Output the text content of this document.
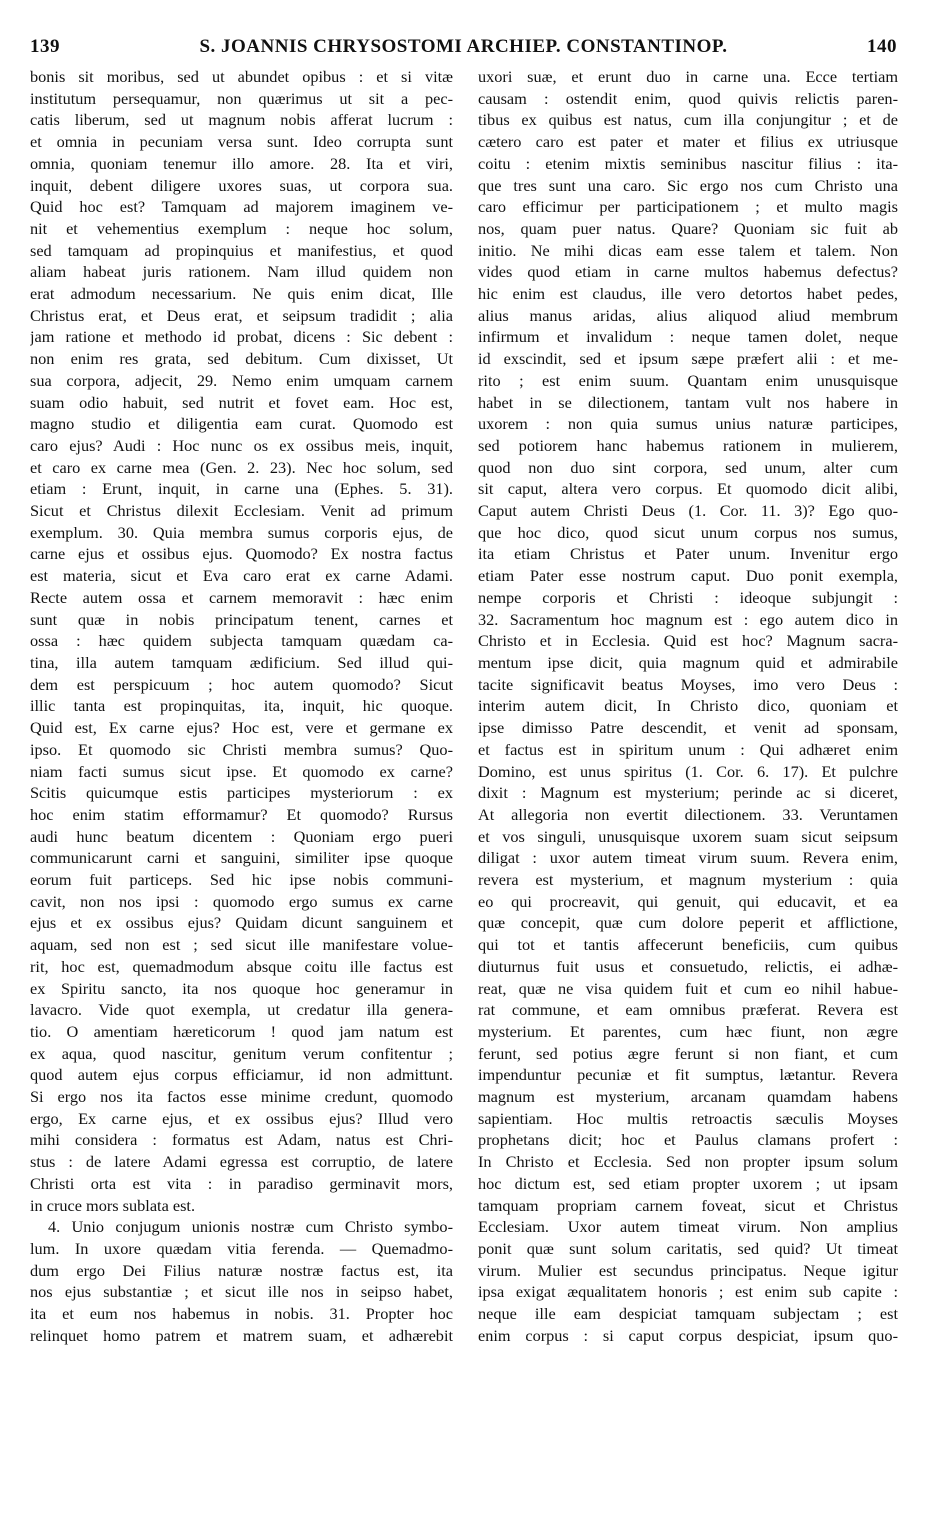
139	S. JOANNIS CHRYSOSTOMI ARCHIEP. CONSTANTINOP.	140
bonis sit moribus, sed ut abundet opibus : et si vitæ
institutum persequamur, non quærimus ut sit a pec-
catis liberum, sed ut magnum nobis afferat lucrum :
et omnia in pecuniam versa sunt. Ideo corrupta sunt
omnia, quoniam tenemur illo amore. 28. Ita et viri,
inquit, debent diligere uxores suas, ut corpora sua.
Quid hoc est? Tamquam ad majorem imaginem ve-
nit et vehementius exemplum : neque hoc solum,
sed tamquam ad propinquius et manifestius, et quod
aliam habeat juris rationem. Nam illud quidem non
erat admodum necessarium. Ne quis enim dicat, Ille
Christus erat, et Deus erat, et seipsum tradidit ; alia
jam ratione et methodo id probat, dicens : Sic debent :
non enim res grata, sed debitum. Cum dixisset, Ut
sua corpora, adjecit, 29. Nemo enim umquam carnem
suam odio habuit, sed nutrit et fovet eam. Hoc est,
magno studio et diligentia eam curat. Quomodo est
caro ejus? Audi : Hoc nunc os ex ossibus meis, inquit,
et caro ex carne mea (Gen. 2. 23). Nec hoc solum, sed
etiam : Erunt, inquit, in carne una (Ephes. 5. 31).
Sicut et Christus dilexit Ecclesiam. Venit ad primum
exemplum. 30. Quia membra sumus corporis ejus, de
carne ejus et ossibus ejus. Quomodo? Ex nostra factus
est materia, sicut et Eva caro erat ex carne Adami.
Recte autem ossa et carnem memoravit : hæc enim
sunt quæ in nobis principatum tenent, carnes et
ossa : hæc quidem subjecta tamquam quædam ca-
tina, illa autem tamquam ædificium. Sed illud qui-
dem est perspicuum ; hoc autem quomodo? Sicut
illic tanta est propinquitas, ita, inquit, hic quoque.
Quid est, Ex carne ejus? Hoc est, vere et germane ex
ipso. Et quomodo sic Christi membra sumus? Quo-
niam facti sumus sicut ipse. Et quomodo ex carne?
Scitis quicumque estis participes mysteriorum : ex
hoc enim statim efformamur? Et quomodo? Rursus
audi hunc beatum dicentem : Quoniam ergo pueri
communicarunt carni et sanguini, similiter ipse quoque
eorum fuit particeps. Sed hic ipse nobis communi-
cavit, non nos ipsi : quomodo ergo sumus ex carne
ejus et ex ossibus ejus? Quidam dicunt sanguinem et
aquam, sed non est ; sed sicut ille manifestare volue-
rit, hoc est, quemadmodum absque coitu ille factus est
ex Spiritu sancto, ita nos quoque hoc generamur in
lavacro. Vide quot exempla, ut credatur illa genera-
tio. O amentiam hæreticorum ! quod jam natum est
ex aqua, quod nascitur, genitum verum confitentur ;
quod autem ejus corpus efficiamur, id non admittunt.
Si ergo nos ita factos esse minime credunt, quomodo
ergo, Ex carne ejus, et ex ossibus ejus? Illud vero
mihi considera : formatus est Adam, natus est Chri-
stus : de latere Adami egressa est corruptio, de latere
Christi orta est vita : in paradiso germinavit mors,
in cruce mors sublata est.
4. Unio conjugum unionis nostræ cum Christo symbo-
lum. In uxore quædam vitia ferenda. — Quemadmo-
dum ergo Dei Filius naturæ nostræ factus est, ita
nos ejus substantiæ ; et sicut ille nos in seipso habet,
ita et eum nos habemus in nobis. 31. Propter hoc
relinquet homo patrem et matrem suam, et adhærebit
uxori suæ, et erunt duo in carne una. Ecce tertiam
causam : ostendit enim, quod quivis relictis paren-
tibus ex quibus est natus, cum illa conjungitur ; et de
cætero caro est pater et mater et filius ex utriusque
coitu : etenim mixtis seminibus nascitur filius : ita-
que tres sunt una caro. Sic ergo nos cum Christo una
caro efficimur per participationem ; et multo magis
nos, quam puer natus. Quare? Quoniam sic fuit ab
initio. Ne mihi dicas eam esse talem et talem. Non
vides quod etiam in carne multos habemus defectus?
hic enim est claudus, ille vero detortos habet pedes,
alius manus aridas, alius aliquod aliud membrum
infirmum et invalidum : neque tamen dolet, neque
id exscindit, sed et ipsum sæpe præfert alii : et me-
rito ; est enim suum. Quantam enim unusquisque
habet in se dilectionem, tantam vult nos habere in
uxorem : non quia sumus unius naturæ participes,
sed potiorem hanc habemus rationem in mulierem,
quod non duo sint corpora, sed unum, alter cum
sit caput, altera vero corpus. Et quomodo dicit alibi,
Caput autem Christi Deus (1. Cor. 11. 3)? Ego quo-
que hoc dico, quod sicut unum corpus nos sumus,
ita etiam Christus et Pater unum. Invenitur ergo
etiam Pater esse nostrum caput. Duo ponit exempla,
nempe corporis et Christi : ideoque subjungit :
32. Sacramentum hoc magnum est : ego autem dico in
Christo et in Ecclesia. Quid est hoc? Magnum sacra-
mentum ipse dicit, quia magnum quid et admirabile
tacite significavit beatus Moyses, imo vero Deus :
interim autem dicit, In Christo dico, quoniam et
ipse dimisso Patre descendit, et venit ad sponsam,
et factus est in spiritum unum : Qui adhæret enim
Domino, est unus spiritus (1. Cor. 6. 17). Et pulchre
dixit : Magnum est mysterium; perinde ac si diceret,
At allegoria non evertit dilectionem. 33. Veruntamen
et vos singuli, unusquisque uxorem suam sicut seipsum
diligat : uxor autem timeat virum suum. Revera enim,
revera est mysterium, et magnum mysterium : quia
eo qui procreavit, qui genuit, qui educavit, et ea
quæ concepit, quæ cum dolore peperit et afflictione,
qui tot et tantis affecerunt beneficiis, cum quibus
diuturnus fuit usus et consuetudo, relictis, ei adhæ-
reat, quæ ne visa quidem fuit et cum eo nihil habue-
rat commune, et eam omnibus præferat. Revera est
mysterium. Et parentes, cum hæc fiunt, non ægre
ferunt, sed potius ægre ferunt si non fiant, et cum
impenduntur pecuniæ et fit sumptus, lætantur. Revera
magnum est mysterium, arcanam quamdam habens
sapientiam. Hoc multis retroactis sæculis Moyses
prophetans dicit; hoc et Paulus clamans profert :
In Christo et Ecclesia. Sed non propter ipsum solum
hoc dictum est, sed etiam propter uxorem ; ut ipsam
tamquam propriam carnem foveat, sicut et Christus
Ecclesiam. Uxor autem timeat virum. Non amplius
ponit quæ sunt solum caritatis, sed quid? Ut timeat
virum. Mulier est secundus principatus. Neque igitur
ipsa exigat æqualitatem honoris ; est enim sub capite :
neque ille eam despiciat tamquam subjectam ; est
enim corpus : si caput corpus despiciat, ipsum quo-
